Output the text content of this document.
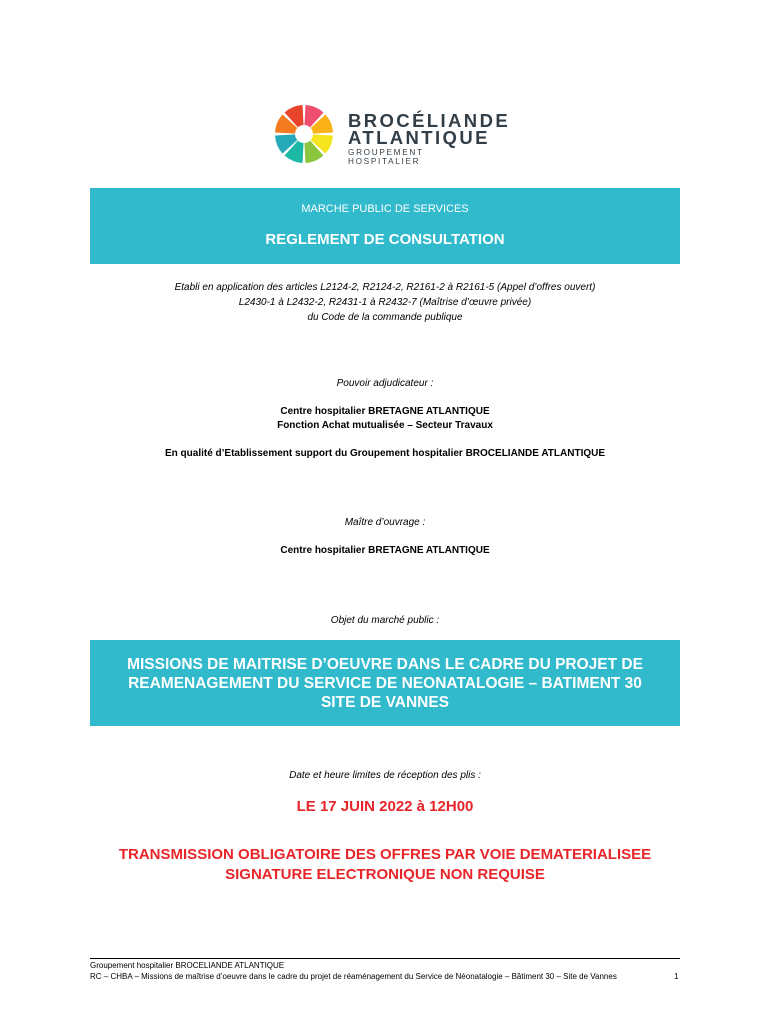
BROCÉLIANDE
ATLANTIQUE
GROUPEMENT HOSPITALIER
MARCHE PUBLIC DE SERVICES
REGLEMENT DE CONSULTATION
Etabli en application des articles L2124-2, R2124-2, R2161-2 à R2161-5 (Appel d’offres ouvert)
L2430-1 à L2432-2, R2431-1 à R2432-7 (Maîtrise d’œuvre privée)
du Code de la commande publique
Pouvoir adjudicateur :
Centre hospitalier BRETAGNE ATLANTIQUE
Fonction Achat mutualisée – Secteur Travaux
En qualité d’Etablissement support du Groupement hospitalier BROCELIANDE ATLANTIQUE
Maître d’ouvrage :
Centre hospitalier BRETAGNE ATLANTIQUE
Objet du marché public :
MISSIONS DE MAITRISE D’OEUVRE DANS LE CADRE DU PROJET DE
REAMENAGEMENT DU SERVICE DE NEONATALOGIE – BATIMENT 30
SITE DE VANNES
Date et heure limites de réception des plis :
LE 17 JUIN 2022 à 12H00
TRANSMISSION OBLIGATOIRE DES OFFRES PAR VOIE DEMATERIALISEE
SIGNATURE ELECTRONIQUE NON REQUISE
Groupement hospitalier BROCELIANDE ATLANTIQUE
RC – CHBA – Missions de maîtrise d’oeuvre dans le cadre du projet de réaménagement du Service de Néonatalogie – Bâtiment 30 – Site de Vannes	1
